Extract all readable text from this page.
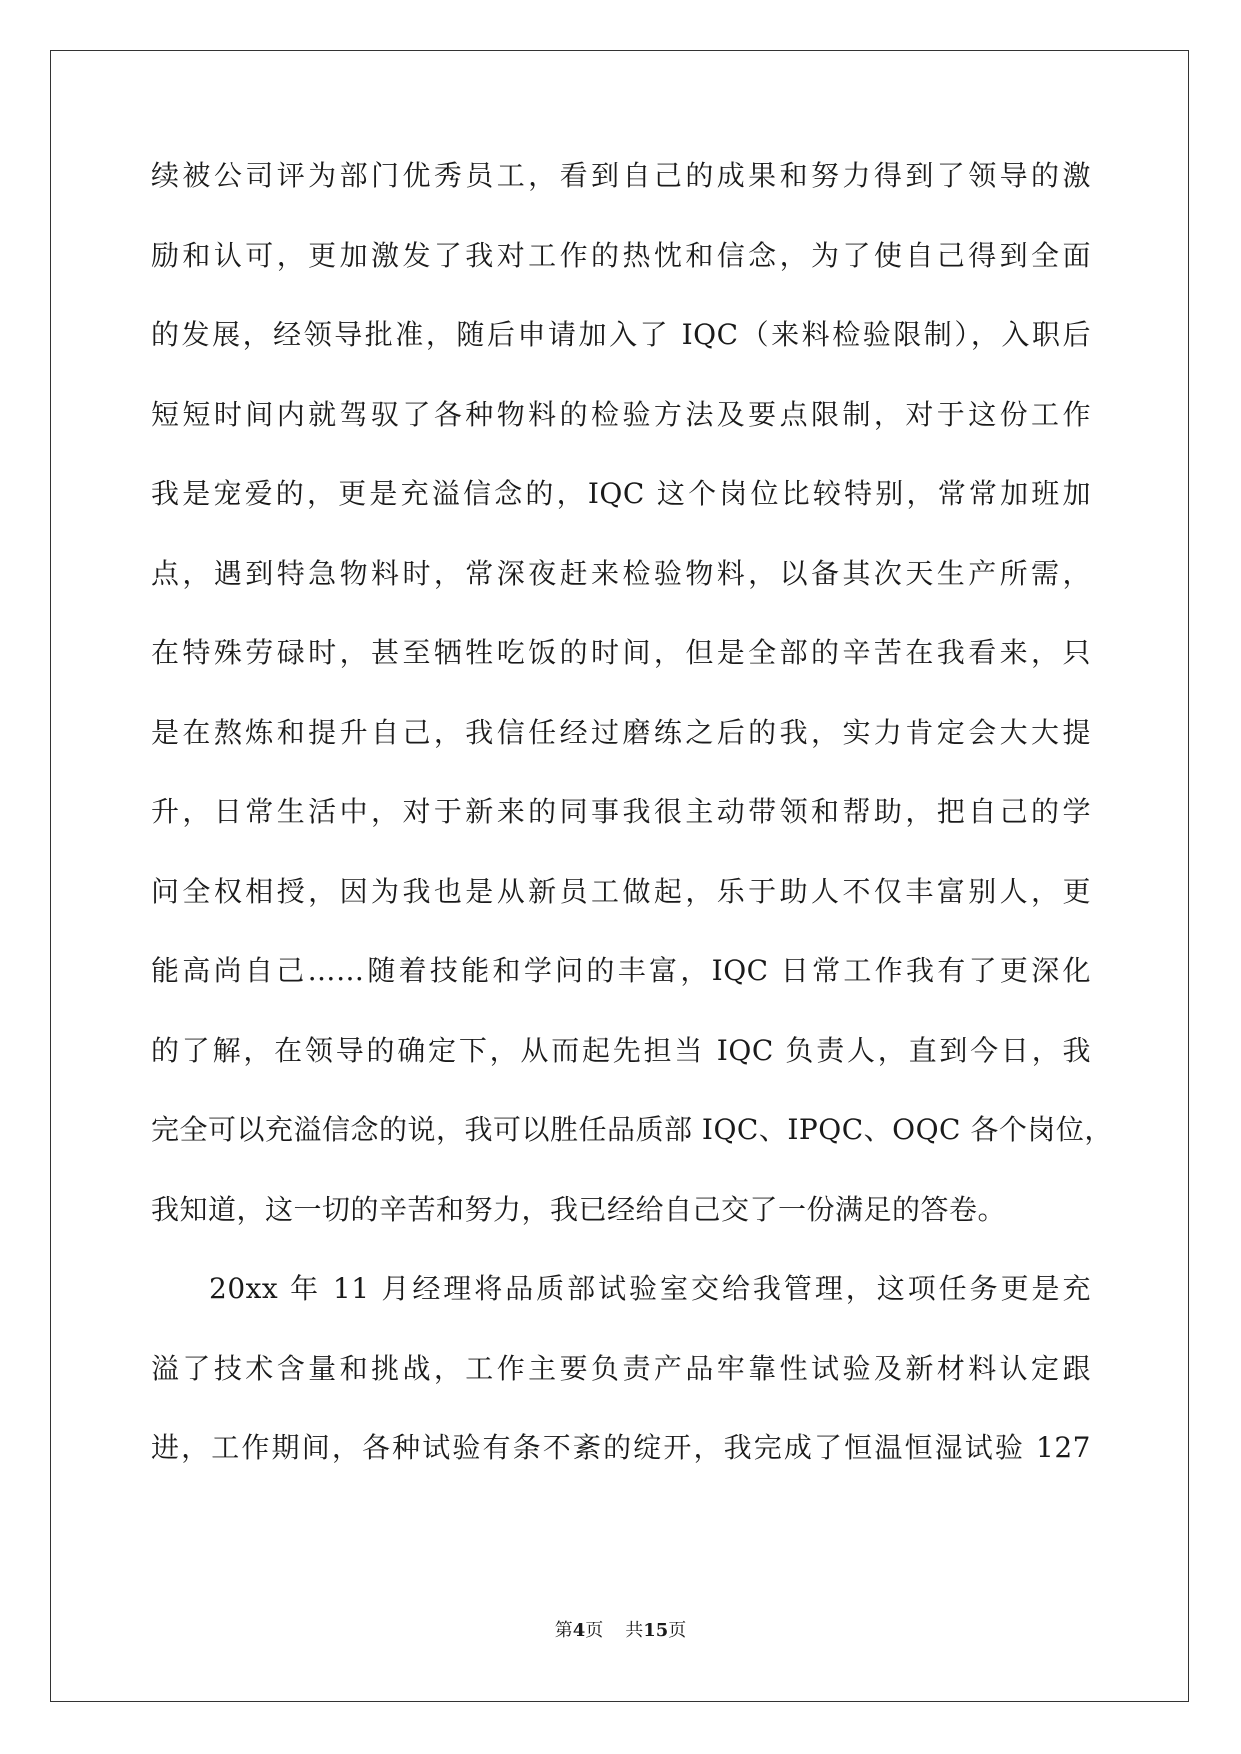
续被公司评为部门优秀员工，看到自己的成果和努力得到了领导的激
励和认可，更加激发了我对工作的热忱和信念，为了使自己得到全面
的发展，经领导批准，随后申请加入了 IQC（来料检验限制），入职后
短短时间内就驾驭了各种物料的检验方法及要点限制，对于这份工作
我是宠爱的，更是充溢信念的，IQC 这个岗位比较特别，常常加班加
点，遇到特急物料时，常深夜赶来检验物料，以备其次天生产所需，
在特殊劳碌时，甚至牺牲吃饭的时间，但是全部的辛苦在我看来，只
是在熬炼和提升自己，我信任经过磨练之后的我，实力肯定会大大提
升，日常生活中，对于新来的同事我很主动带领和帮助，把自己的学
问全权相授，因为我也是从新员工做起，乐于助人不仅丰富别人，更
能高尚自己……随着技能和学问的丰富，IQC 日常工作我有了更深化
的了解，在领导的确定下，从而起先担当 IQC 负责人，直到今日，我
完全可以充溢信念的说，我可以胜任品质部 IQC、IPQC、OQC 各个岗位，
我知道，这一切的辛苦和努力，我已经给自己交了一份满足的答卷。
20xx 年 11 月经理将品质部试验室交给我管理，这项任务更是充
溢了技术含量和挑战，工作主要负责产品牢靠性试验及新材料认定跟
进，工作期间，各种试验有条不紊的绽开，我完成了恒温恒湿试验 127
第4页 共15页
